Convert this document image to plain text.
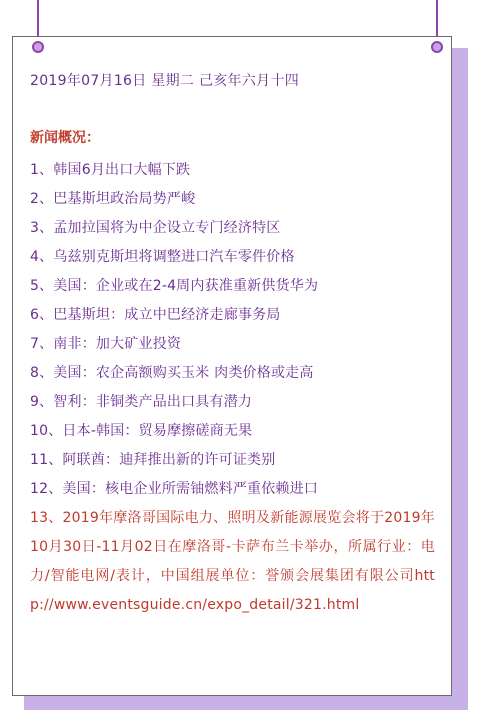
2019年07月16日 星期二 己亥年六月十四
新闻概况：
1、韩国6月出口大幅下跌
2、巴基斯坦政治局势严峻
3、孟加拉国将为中企设立专门经济特区
4、乌兹别克斯坦将调整进口汽车零件价格
5、美国：企业或在2-4周内获准重新供货华为
6、巴基斯坦：成立中巴经济走廊事务局
7、南非：加大矿业投资
8、美国：农企高额购买玉米 肉类价格或走高
9、智利：非铜类产品出口具有潜力
10、日本-韩国：贸易摩擦磋商无果
11、阿联酋：迪拜推出新的许可证类别
12、美国：核电企业所需铀燃料严重依赖进口

13、2019年摩洛哥国际电力、照明及新能源展览会将于2019年10月30日-11月02日在摩洛哥-卡萨布兰卡举办，所属行业：电力/智能电网/表计，中国组展单位：誉颁会展集团有限公司http://www.eventsguide.cn/expo_detail/321.html
